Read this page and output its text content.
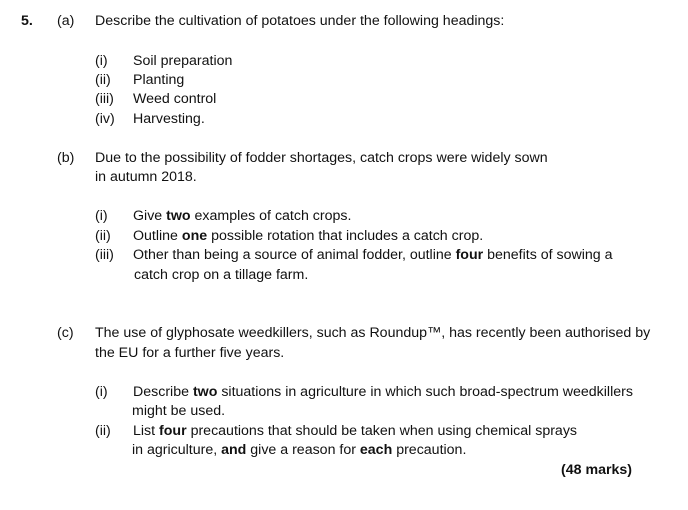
5. (a) Describe the cultivation of potatoes under the following headings:
(i) Soil preparation
(ii) Planting
(iii) Weed control
(iv) Harvesting.
(b) Due to the possibility of fodder shortages, catch crops were widely sown
in autumn 2018.
(i) Give two examples of catch crops.
(ii) Outline one possible rotation that includes a catch crop.
(iii) Other than being a source of animal fodder, outline four benefits of sowing a
catch crop on a tillage farm.
(c) The use of glyphosate weedkillers, such as Roundup™, has recently been authorised by
the EU for a further five years.
(i) Describe two situations in agriculture in which such broad-spectrum weedkillers
might be used.
(ii) List four precautions that should be taken when using chemical sprays
in agriculture, and give a reason for each precaution.
(48 marks)
